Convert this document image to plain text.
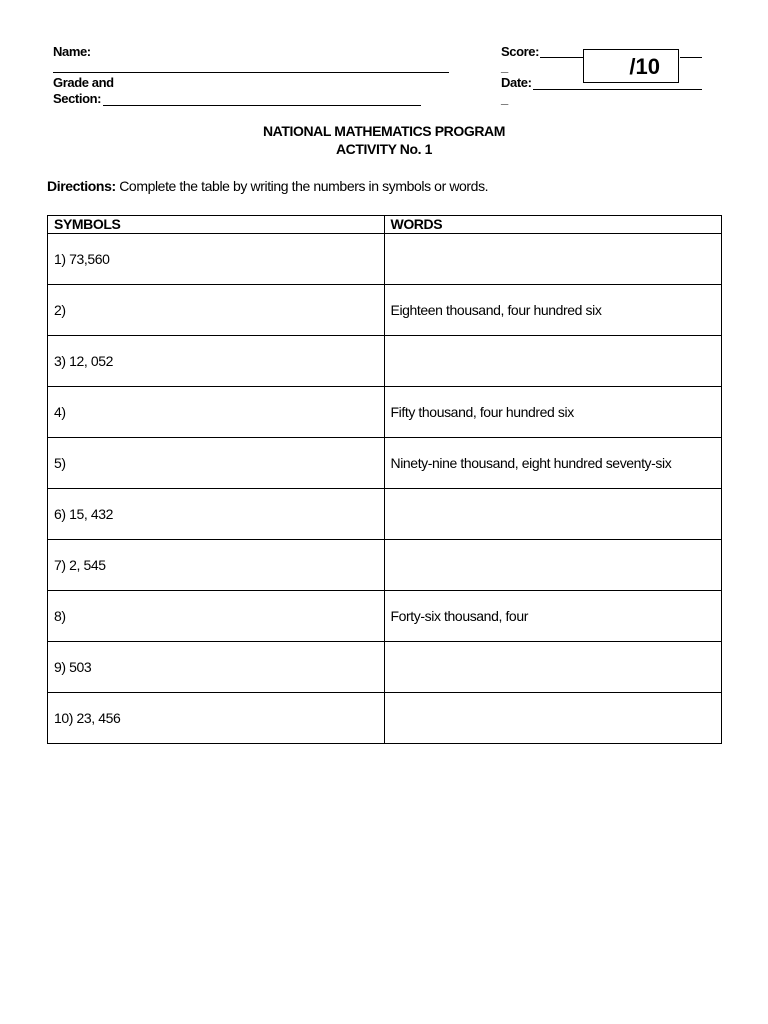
Name:
Grade and
Section:
Score:
_	/10
Date:
_
NATIONAL MATHEMATICS PROGRAM
ACTIVITY No. 1
Directions: Complete the table by writing the numbers in symbols or words.
SYMBOLS	WORDS
1) 73,560	
2)	Eighteen thousand, four hundred six
3) 12, 052	
4)	Fifty thousand, four hundred six
5)	Ninety-nine thousand, eight hundred seventy-six
6) 15, 432	
7) 2, 545	
8)	Forty-six thousand, four
9) 503	
10) 23, 456	
